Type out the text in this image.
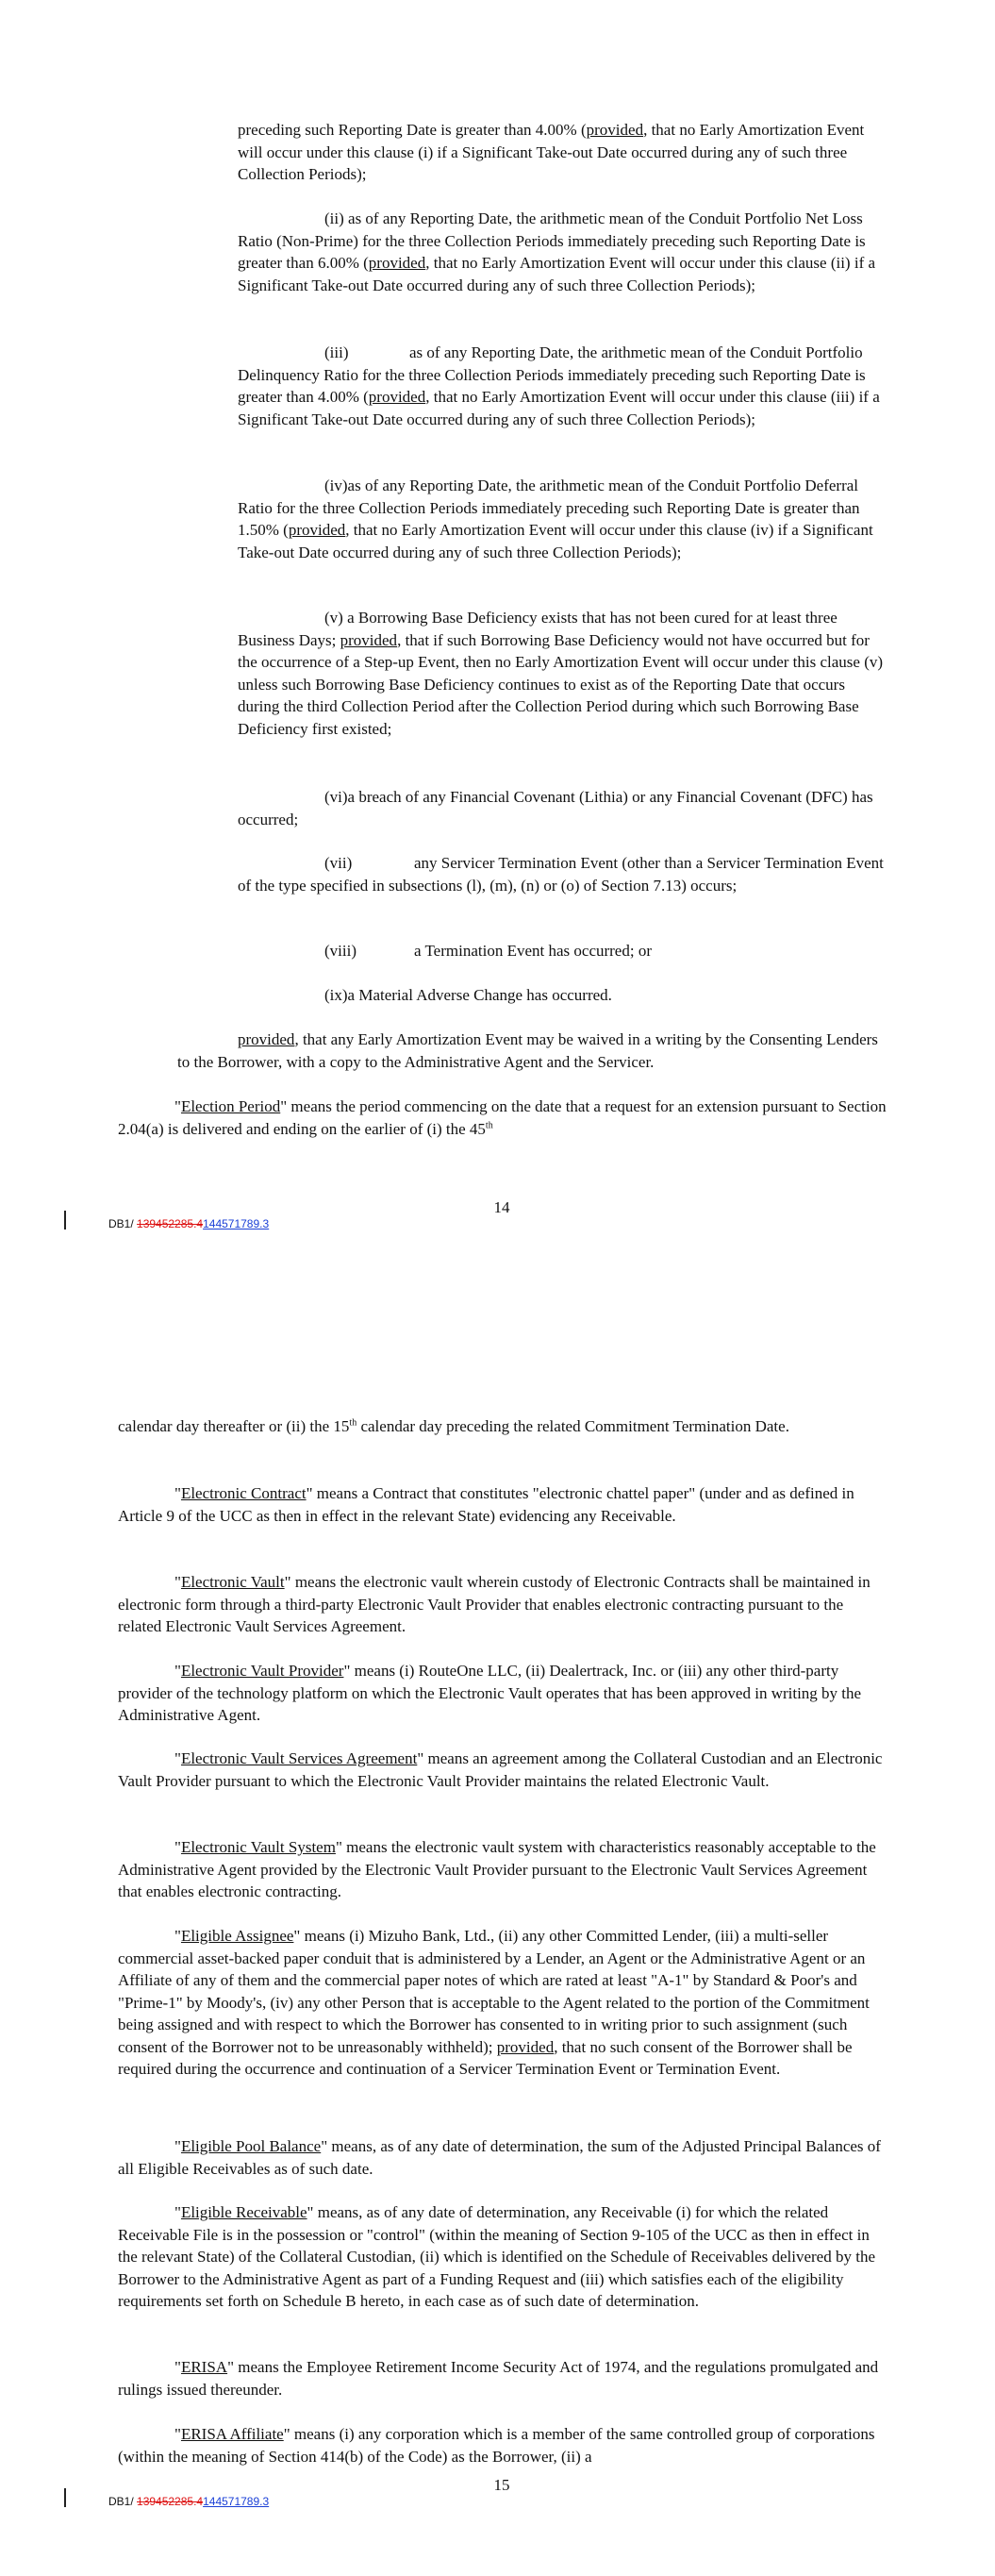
preceding such Reporting Date is greater than 4.00% (provided, that no Early Amortization Event will occur under this clause (i) if a Significant Take-out Date occurred during any of such three Collection Periods);

(ii) as of any Reporting Date, the arithmetic mean of the Conduit Portfolio Net Loss Ratio (Non-Prime) for the three Collection Periods immediately preceding such Reporting Date is greater than 6.00% (provided, that no Early Amortization Event will occur under this clause (ii) if a Significant Take-out Date occurred during any of such three Collection Periods);

(iii)	as of any Reporting Date, the arithmetic mean of the Conduit Portfolio Delinquency Ratio for the three Collection Periods immediately preceding such Reporting Date is greater than 4.00% (provided, that no Early Amortization Event will occur under this clause (iii) if a Significant Take-out Date occurred during any of such three Collection Periods);

(iv)as of any Reporting Date, the arithmetic mean of the Conduit Portfolio Deferral Ratio for the three Collection Periods immediately preceding such Reporting Date is greater than 1.50% (provided, that no Early Amortization Event will occur under this clause (iv) if a Significant Take-out Date occurred during any of such three Collection Periods);

(v) a Borrowing Base Deficiency exists that has not been cured for at least three Business Days; provided, that if such Borrowing Base Deficiency would not have occurred but for the occurrence of a Step-up Event, then no Early Amortization Event will occur under this clause (v) unless such Borrowing Base Deficiency continues to exist as of the Reporting Date that occurs during the third Collection Period after the Collection Period during which such Borrowing Base Deficiency first existed;

(vi)a breach of any Financial Covenant (Lithia) or any Financial Covenant (DFC) has occurred;

(vii)	any Servicer Termination Event (other than a Servicer Termination Event of the type specified in subsections (l), (m), (n) or (o) of Section 7.13) occurs;

(viii)	a Termination Event has occurred; or

(ix)a Material Adverse Change has occurred.

provided, that any Early Amortization Event may be waived in a writing by the Consenting Lenders to the Borrower, with a copy to the Administrative Agent and the Servicer.

"Election Period" means the period commencing on the date that a request for an extension pursuant to Section 2.04(a) is delivered and ending on the earlier of (i) the 45th

14
DB1/ 139452285.4144571789.3

calendar day thereafter or (ii) the 15th calendar day preceding the related Commitment Termination Date.

"Electronic Contract" means a Contract that constitutes "electronic chattel paper" (under and as defined in Article 9 of the UCC as then in effect in the relevant State) evidencing any Receivable.

"Electronic Vault" means the electronic vault wherein custody of Electronic Contracts shall be maintained in electronic form through a third-party Electronic Vault Provider that enables electronic contracting pursuant to the related Electronic Vault Services Agreement.

"Electronic Vault Provider" means (i) RouteOne LLC, (ii) Dealertrack, Inc. or (iii) any other third-party provider of the technology platform on which the Electronic Vault operates that has been approved in writing by the Administrative Agent.

"Electronic Vault Services Agreement" means an agreement among the Collateral Custodian and an Electronic Vault Provider pursuant to which the Electronic Vault Provider maintains the related Electronic Vault.

"Electronic Vault System" means the electronic vault system with characteristics reasonably acceptable to the Administrative Agent provided by the Electronic Vault Provider pursuant to the Electronic Vault Services Agreement that enables electronic contracting.

"Eligible Assignee" means (i) Mizuho Bank, Ltd., (ii) any other Committed Lender, (iii) a multi-seller commercial asset-backed paper conduit that is administered by a Lender, an Agent or the Administrative Agent or an Affiliate of any of them and the commercial paper notes of which are rated at least "A-1" by Standard & Poor's and "Prime-1" by Moody's, (iv) any other Person that is acceptable to the Agent related to the portion of the Commitment being assigned and with respect to which the Borrower has consented to in writing prior to such assignment (such consent of the Borrower not to be unreasonably withheld); provided, that no such consent of the Borrower shall be required during the occurrence and continuation of a Servicer Termination Event or Termination Event.

"Eligible Pool Balance" means, as of any date of determination, the sum of the Adjusted Principal Balances of all Eligible Receivables as of such date.

"Eligible Receivable" means, as of any date of determination, any Receivable (i) for which the related Receivable File is in the possession or "control" (within the meaning of Section 9-105 of the UCC as then in effect in the relevant State) of the Collateral Custodian, (ii) which is identified on the Schedule of Receivables delivered by the Borrower to the Administrative Agent as part of a Funding Request and (iii) which satisfies each of the eligibility requirements set forth on Schedule B hereto, in each case as of such date of determination.

"ERISA" means the Employee Retirement Income Security Act of 1974, and the regulations promulgated and rulings issued thereunder.

"ERISA Affiliate" means (i) any corporation which is a member of the same controlled group of corporations (within the meaning of Section 414(b) of the Code) as the Borrower, (ii) a

15
DB1/ 139452285.4144571789.3
